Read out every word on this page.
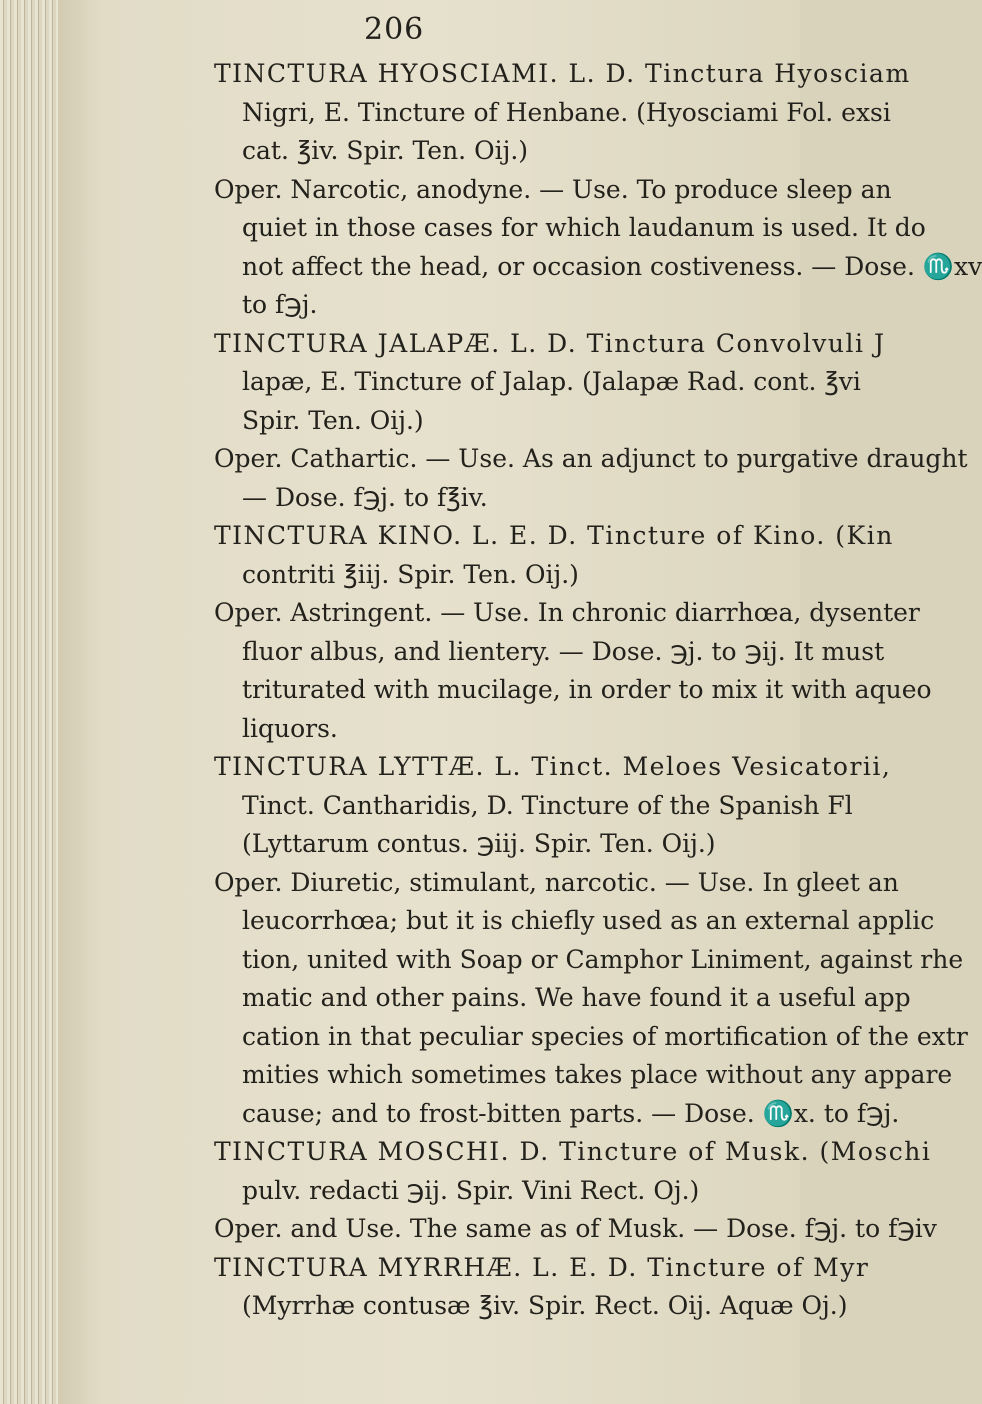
206
TINCTURA HYOSCIAMI. L. D. Tinctura Hyosciam
Nigri, E. Tincture of Henbane. (Hyosciami Fol. exsi
cat. ℥iv. Spir. Ten. Oij.)
Oper. Narcotic, anodyne. — Use. To produce sleep an
quiet in those cases for which laudanum is used. It do
not affect the head, or occasion costiveness. — Dose. ♏xv
to f℈j.
TINCTURA JALAPÆ. L. D. Tinctura Convolvuli J
lapæ, E. Tincture of Jalap. (Jalapæ Rad. cont. ℥vi
Spir. Ten. Oij.)
Oper. Cathartic. — Use. As an adjunct to purgative draught
— Dose. f℈j. to f℥iv.
TINCTURA KINO. L. E. D. Tincture of Kino. (Kin
contriti ℥iij. Spir. Ten. Oij.)
Oper. Astringent. — Use. In chronic diarrhœa, dysenter
fluor albus, and lientery. — Dose. ℈j. to ℈ij. It must
triturated with mucilage, in order to mix it with aqueo
liquors.
TINCTURA LYTTÆ. L. Tinct. Meloes Vesicatorii,
Tinct. Cantharidis, D. Tincture of the Spanish Fl
(Lyttarum contus. ℈iij. Spir. Ten. Oij.)
Oper. Diuretic, stimulant, narcotic. — Use. In gleet an
leucorrhœa; but it is chiefly used as an external applic
tion, united with Soap or Camphor Liniment, against rhe
matic and other pains. We have found it a useful app
cation in that peculiar species of mortification of the extr
mities which sometimes takes place without any appare
cause; and to frost-bitten parts. — Dose. ♏x. to f℈j.
TINCTURA MOSCHI. D. Tincture of Musk. (Moschi
pulv. redacti ℈ij. Spir. Vini Rect. Oj.)
Oper. and Use. The same as of Musk. — Dose. f℈j. to f℈iv
TINCTURA MYRRHÆ. L. E. D. Tincture of Myr
(Myrrhæ contusæ ℥iv. Spir. Rect. Oij. Aquæ Oj.)
